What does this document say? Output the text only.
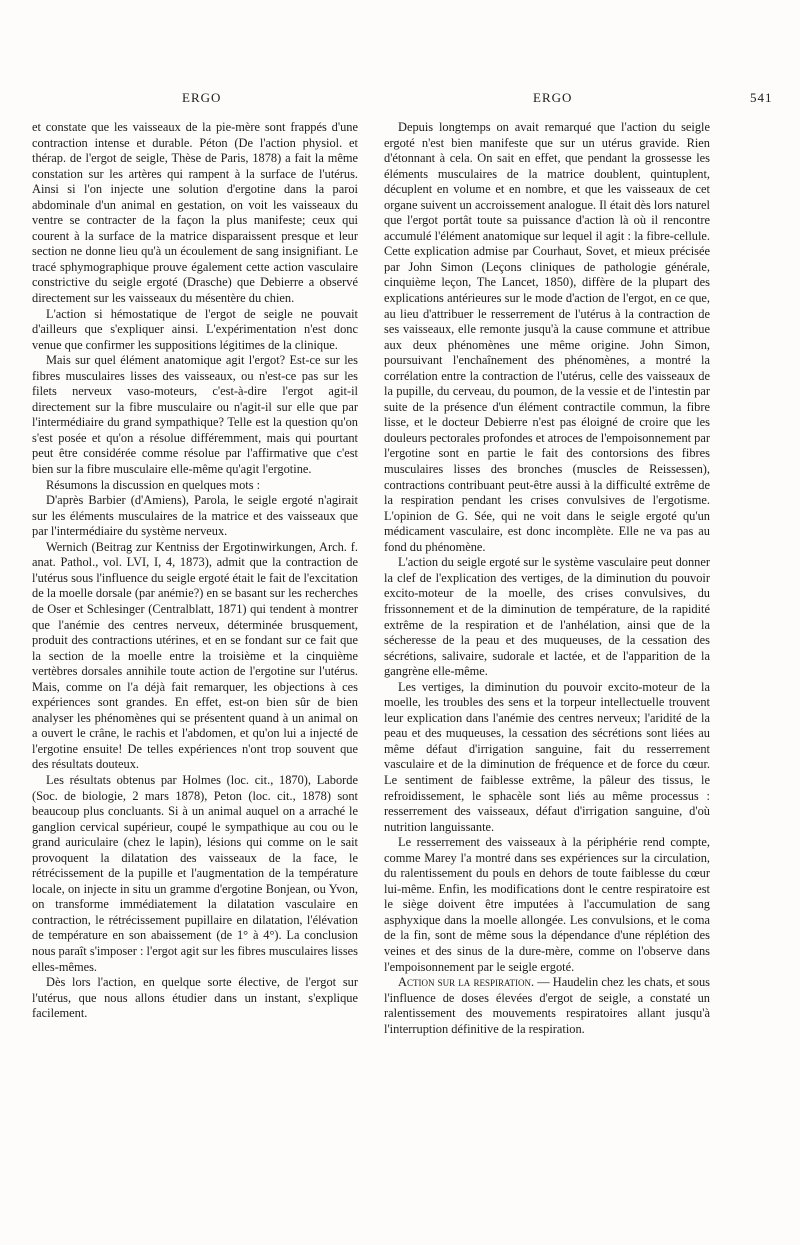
ERGO	ERGO	541

et constate que les vaisseaux de la pie-mère sont frappés d'une contraction intense et durable. Péton (De l'action physiol. et thérap. de l'ergot de seigle, Thèse de Paris, 1878) a fait la même constation sur les artères qui rampent à la surface de l'utérus. Ainsi si l'on injecte une solution d'ergotine dans la paroi abdominale d'un animal en gestation, on voit les vaisseaux du ventre se contracter de la façon la plus manifeste; ceux qui courent à la surface de la matrice disparaissent presque et leur section ne donne lieu qu'à un écoulement de sang insignifiant. Le tracé sphymographique prouve également cette action vasculaire constrictive du seigle ergoté (Drasche) que Debierre a observé directement sur les vaisseaux du mésentère du chien.

L'action si hémostatique de l'ergot de seigle ne pouvait d'ailleurs que s'expliquer ainsi. L'expérimentation n'est donc venue que confirmer les suppositions légitimes de la clinique.

Mais sur quel élément anatomique agit l'ergot? Est-ce sur les fibres musculaires lisses des vaisseaux, ou n'est-ce pas sur les filets nerveux vaso-moteurs, c'est-à-dire l'ergot agit-il directement sur la fibre musculaire ou n'agit-il sur elle que par l'intermédiaire du grand sympathique? Telle est la question qu'on s'est posée et qu'on a résolue différemment, mais qui pourtant peut être considérée comme résolue par l'affirmative que c'est bien sur la fibre musculaire elle-même qu'agit l'ergotine.

Résumons la discussion en quelques mots :

D'après Barbier (d'Amiens), Parola, le seigle ergoté n'agirait sur les éléments musculaires de la matrice et des vaisseaux que par l'intermédiaire du système nerveux.

Wernich (Beitrag zur Kentniss der Ergotinwirkungen, Arch. f. anat. Pathol., vol. LVI, I, 4, 1873), admit que la contraction de l'utérus sous l'influence du seigle ergoté était le fait de l'excitation de la moelle dorsale (par anémie?) en se basant sur les recherches de Oser et Schlesinger (Centralblatt, 1871) qui tendent à montrer que l'anémie des centres nerveux, déterminée brusquement, produit des contractions utérines, et en se fondant sur ce fait que la section de la moelle entre la troisième et la cinquième vertèbres dorsales annihile toute action de l'ergotine sur l'utérus. Mais, comme on l'a déjà fait remarquer, les objections à ces expériences sont grandes. En effet, est-on bien sûr de bien analyser les phénomènes qui se présentent quand à un animal on a ouvert le crâne, le rachis et l'abdomen, et qu'on lui a injecté de l'ergotine ensuite! De telles expériences n'ont trop souvent que des résultats douteux.

Les résultats obtenus par Holmes (loc. cit., 1870), Laborde (Soc. de biologie, 2 mars 1878), Peton (loc. cit., 1878) sont beaucoup plus concluants. Si à un animal auquel on a arraché le ganglion cervical supérieur, coupé le sympathique au cou ou le grand auriculaire (chez le lapin), lésions qui comme on le sait provoquent la dilatation des vaisseaux de la face, le rétrécissement de la pupille et l'augmentation de la température locale, on injecte in situ un gramme d'ergotine Bonjean, ou Yvon, on transforme immédiatement la dilatation vasculaire en contraction, le rétrécissement pupillaire en dilatation, l'élévation de température en son abaissement (de 1° à 4°). La conclusion nous paraît s'imposer : l'ergot agit sur les fibres musculaires lisses elles-mêmes.

Dès lors l'action, en quelque sorte élective, de l'ergot sur l'utérus, que nous allons étudier dans un instant, s'explique facilement.

Depuis longtemps on avait remarqué que l'action du seigle ergoté n'est bien manifeste que sur un utérus gravide. Rien d'étonnant à cela. On sait en effet, que pendant la grossesse les éléments musculaires de la matrice doublent, quintuplent, décuplent en volume et en nombre, et que les vaisseaux de cet organe suivent un accroissement analogue. Il était dès lors naturel que l'ergot portât toute sa puissance d'action là où il rencontre accumulé l'élément anatomique sur lequel il agit : la fibre-cellule. Cette explication admise par Courhaut, Sovet, et mieux précisée par John Simon (Leçons cliniques de pathologie générale, cinquième leçon, The Lancet, 1850), diffère de la plupart des explications antérieures sur le mode d'action de l'ergot, en ce que, au lieu d'attribuer le resserrement de l'utérus à la contraction de ses vaisseaux, elle remonte jusqu'à la cause commune et attribue aux deux phénomènes une même origine. John Simon, poursuivant l'enchaînement des phénomènes, a montré la corrélation entre la contraction de l'utérus, celle des vaisseaux de la pupille, du cerveau, du poumon, de la vessie et de l'intestin par suite de la présence d'un élément contractile commun, la fibre lisse, et le docteur Debierre n'est pas éloigné de croire que les douleurs pectorales profondes et atroces de l'empoisonnement par l'ergotine sont en partie le fait des contorsions des fibres musculaires lisses des bronches (muscles de Reissessen), contractions contribuant peut-être aussi à la difficulté extrême de la respiration pendant les crises convulsives de l'ergotisme. L'opinion de G. Sée, qui ne voit dans le seigle ergoté qu'un médicament vasculaire, est donc incomplète. Elle ne va pas au fond du phénomène.

L'action du seigle ergoté sur le système vasculaire peut donner la clef de l'explication des vertiges, de la diminution du pouvoir excito-moteur de la moelle, des crises convulsives, du frissonnement et de la diminution de température, de la rapidité extrême de la respiration et de l'anhélation, ainsi que de la sécheresse de la peau et des muqueuses, de la cessation des sécrétions, salivaire, sudorale et lactée, et de l'apparition de la gangrène elle-même.

Les vertiges, la diminution du pouvoir excito-moteur de la moelle, les troubles des sens et la torpeur intellectuelle trouvent leur explication dans l'anémie des centres nerveux; l'aridité de la peau et des muqueuses, la cessation des sécrétions sont liées au même défaut d'irrigation sanguine, fait du resserrement vasculaire et de la diminution de fréquence et de force du cœur. Le sentiment de faiblesse extrême, la pâleur des tissus, le refroidissement, le sphacèle sont liés au même processus : resserrement des vaisseaux, défaut d'irrigation sanguine, d'où nutrition languissante.

Le resserrement des vaisseaux à la périphérie rend compte, comme Marey l'a montré dans ses expériences sur la circulation, du ralentissement du pouls en dehors de toute faiblesse du cœur lui-même. Enfin, les modifications dont le centre respiratoire est le siège doivent être imputées à l'accumulation de sang asphyxique dans la moelle allongée. Les convulsions, et le coma de la fin, sont de même sous la dépendance d'une réplétion des veines et des sinus de la dure-mère, comme on l'observe dans l'empoisonnement par le seigle ergoté.

Action sur la respiration. — Haudelin chez les chats, et sous l'influence de doses élevées d'ergot de seigle, a constaté un ralentissement des mouvements respiratoires allant jusqu'à l'interruption définitive de la respiration.
